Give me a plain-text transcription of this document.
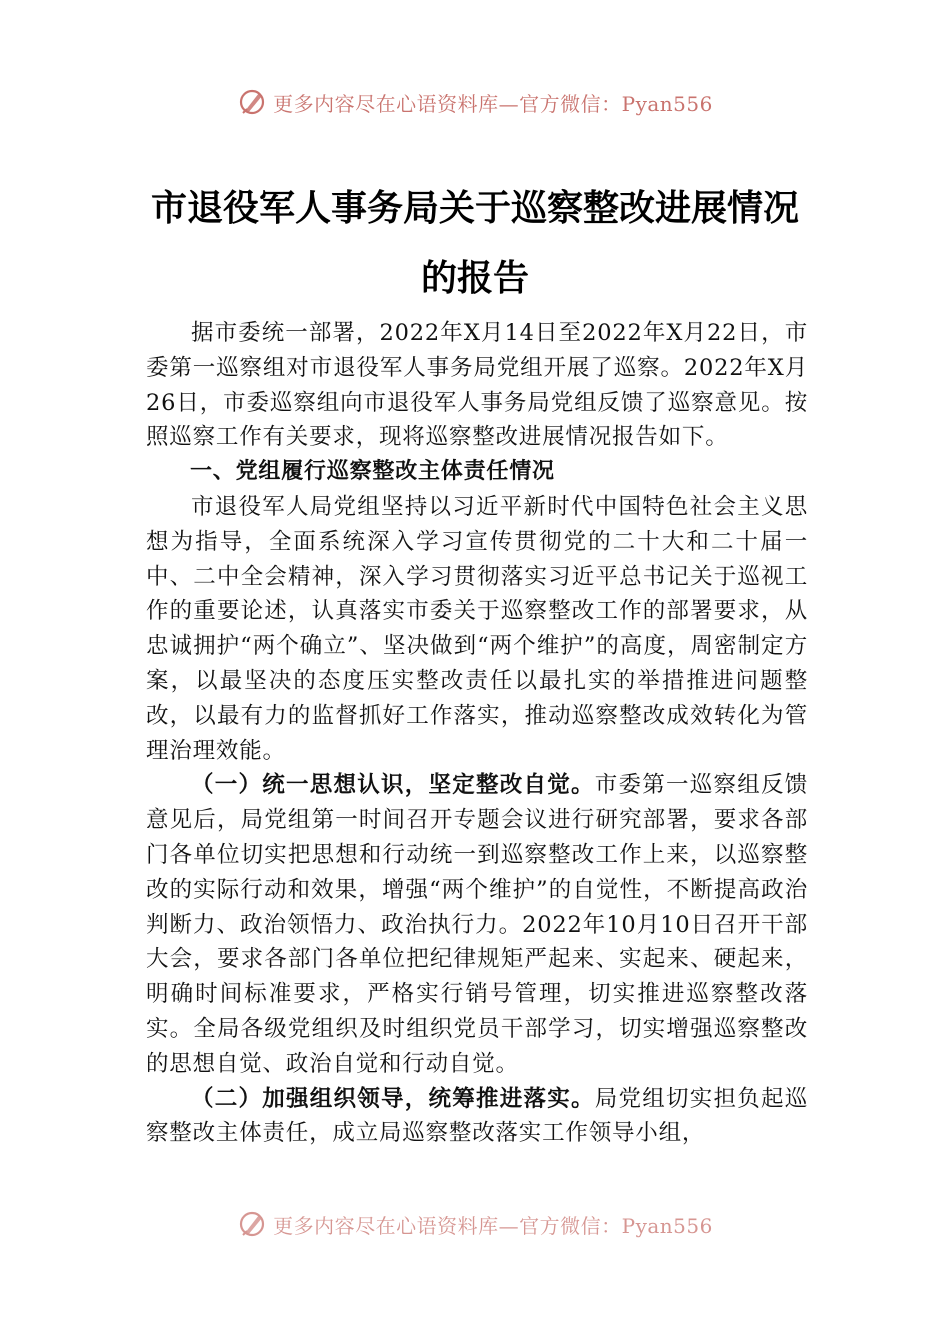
更多内容尽在心语资料库—官方微信：Pyan556
市退役军人事务局关于巡察整改进展情况
的报告

据市委统一部署，2022年X月14日至2022年X月22日，市委第一巡察组对市退役军人事务局党组开展了巡察。2022年X月26日，市委巡察组向市退役军人事务局党组反馈了巡察意见。按照巡察工作有关要求，现将巡察整改进展情况报告如下。

一、党组履行巡察整改主体责任情况

市退役军人局党组坚持以习近平新时代中国特色社会主义思想为指导，全面系统深入学习宣传贯彻党的二十大和二十届一中、二中全会精神，深入学习贯彻落实习近平总书记关于巡视工作的重要论述，认真落实市委关于巡察整改工作的部署要求，从忠诚拥护“两个确立”、坚决做到“两个维护”的高度，周密制定方案，以最坚决的态度压实整改责任以最扎实的举措推进问题整改，以最有力的监督抓好工作落实，推动巡察整改成效转化为管理治理效能。

（一）统一思想认识，坚定整改自觉。市委第一巡察组反馈意见后，局党组第一时间召开专题会议进行研究部署，要求各部门各单位切实把思想和行动统一到巡察整改工作上来，以巡察整改的实际行动和效果，增强“两个维护”的自觉性，不断提高政治判断力、政治领悟力、政治执行力。2022年10月10日召开干部大会，要求各部门各单位把纪律规矩严起来、实起来、硬起来，明确时间标准要求，严格实行销号管理，切实推进巡察整改落实。全局各级党组织及时组织党员干部学习，切实增强巡察整改的思想自觉、政治自觉和行动自觉。

（二）加强组织领导，统筹推进落实。局党组切实担负起巡察整改主体责任，成立局巡察整改落实工作领导小组，

更多内容尽在心语资料库—官方微信：Pyan556
